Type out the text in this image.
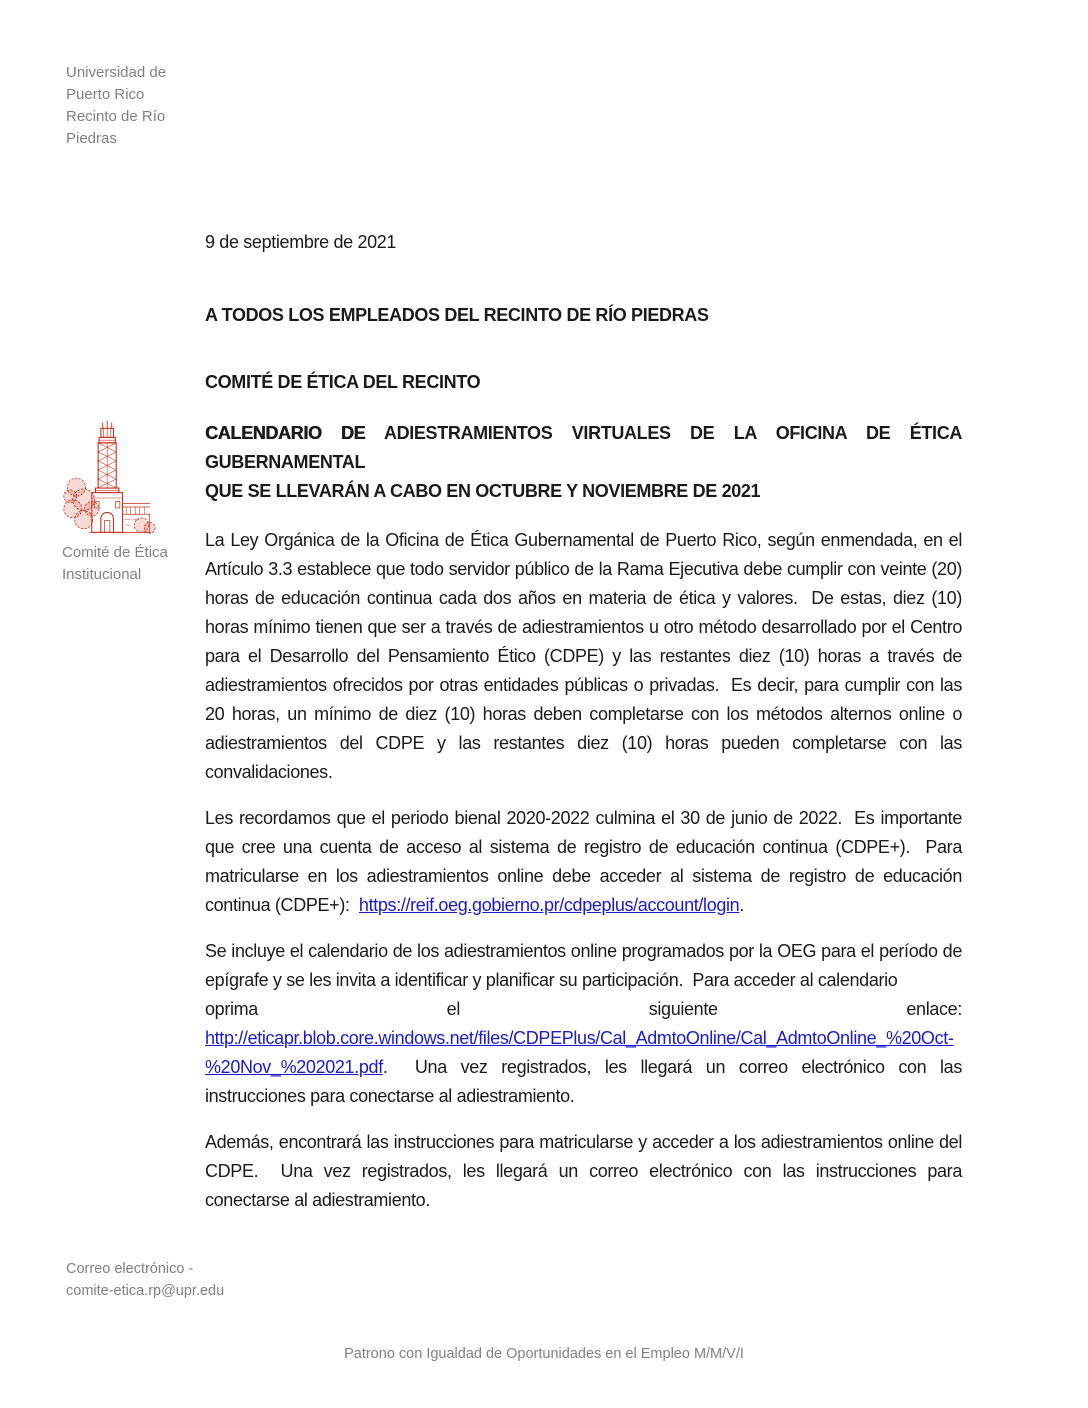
Universidad de
Puerto Rico
Recinto de Río
Piedras
Comité de Ética
Institucional
9 de septiembre de 2021
A TODOS LOS EMPLEADOS DEL RECINTO DE RÍO PIEDRAS
COMITÉ DE ÉTICA DEL RECINTO
CALENDARIO DE ADIESTRAMIENTOS VIRTUALES DE LA OFICINA DE ÉTICA GUBERNAMENTAL
QUE SE LLEVARÁN A CABO EN OCTUBRE Y NOVIEMBRE DE 2021

La Ley Orgánica de la Oficina de Ética Gubernamental de Puerto Rico, según enmendada, en el Artículo 3.3 establece que todo servidor público de la Rama Ejecutiva debe cumplir con veinte (20) horas de educación continua cada dos años en materia de ética y valores.  De estas, diez (10) horas mínimo tienen que ser a través de adiestramientos u otro método desarrollado por el Centro para el Desarrollo del Pensamiento Ético (CDPE) y las restantes diez (10) horas a través de adiestramientos ofrecidos por otras entidades públicas o privadas.  Es decir, para cumplir con las 20 horas, un mínimo de diez (10) horas deben completarse con los métodos alternos online o adiestramientos del CDPE y las restantes diez (10) horas pueden completarse con las convalidaciones.

Les recordamos que el periodo bienal 2020-2022 culmina el 30 de junio de 2022.  Es importante que cree una cuenta de acceso al sistema de registro de educación continua (CDPE+).  Para matricularse en los adiestramientos online debe acceder al sistema de registro de educación continua (CDPE+):  https://reif.oeg.gobierno.pr/cdpeplus/account/login.

Se incluye el calendario de los adiestramientos online programados por la OEG para el período de epígrafe y se les invita a identificar y planificar su participación.  Para acceder al calendario

oprima	el	siguiente	enlace:

http://eticapr.blob.core.windows.net/files/CDPEPlus/Cal_AdmtoOnline/Cal_AdmtoOnline_%20Oct-%20Nov_%202021.pdf.  Una vez registrados, les llegará un correo electrónico con las instrucciones para conectarse al adiestramiento.

Además, encontrará las instrucciones para matricularse y acceder a los adiestramientos online del CDPE.  Una vez registrados, les llegará un correo electrónico con las instrucciones para conectarse al adiestramiento.

Correo electrónico -
comite-etica.rp@upr.edu
Patrono con Igualdad de Oportunidades en el Empleo M/M/V/I
